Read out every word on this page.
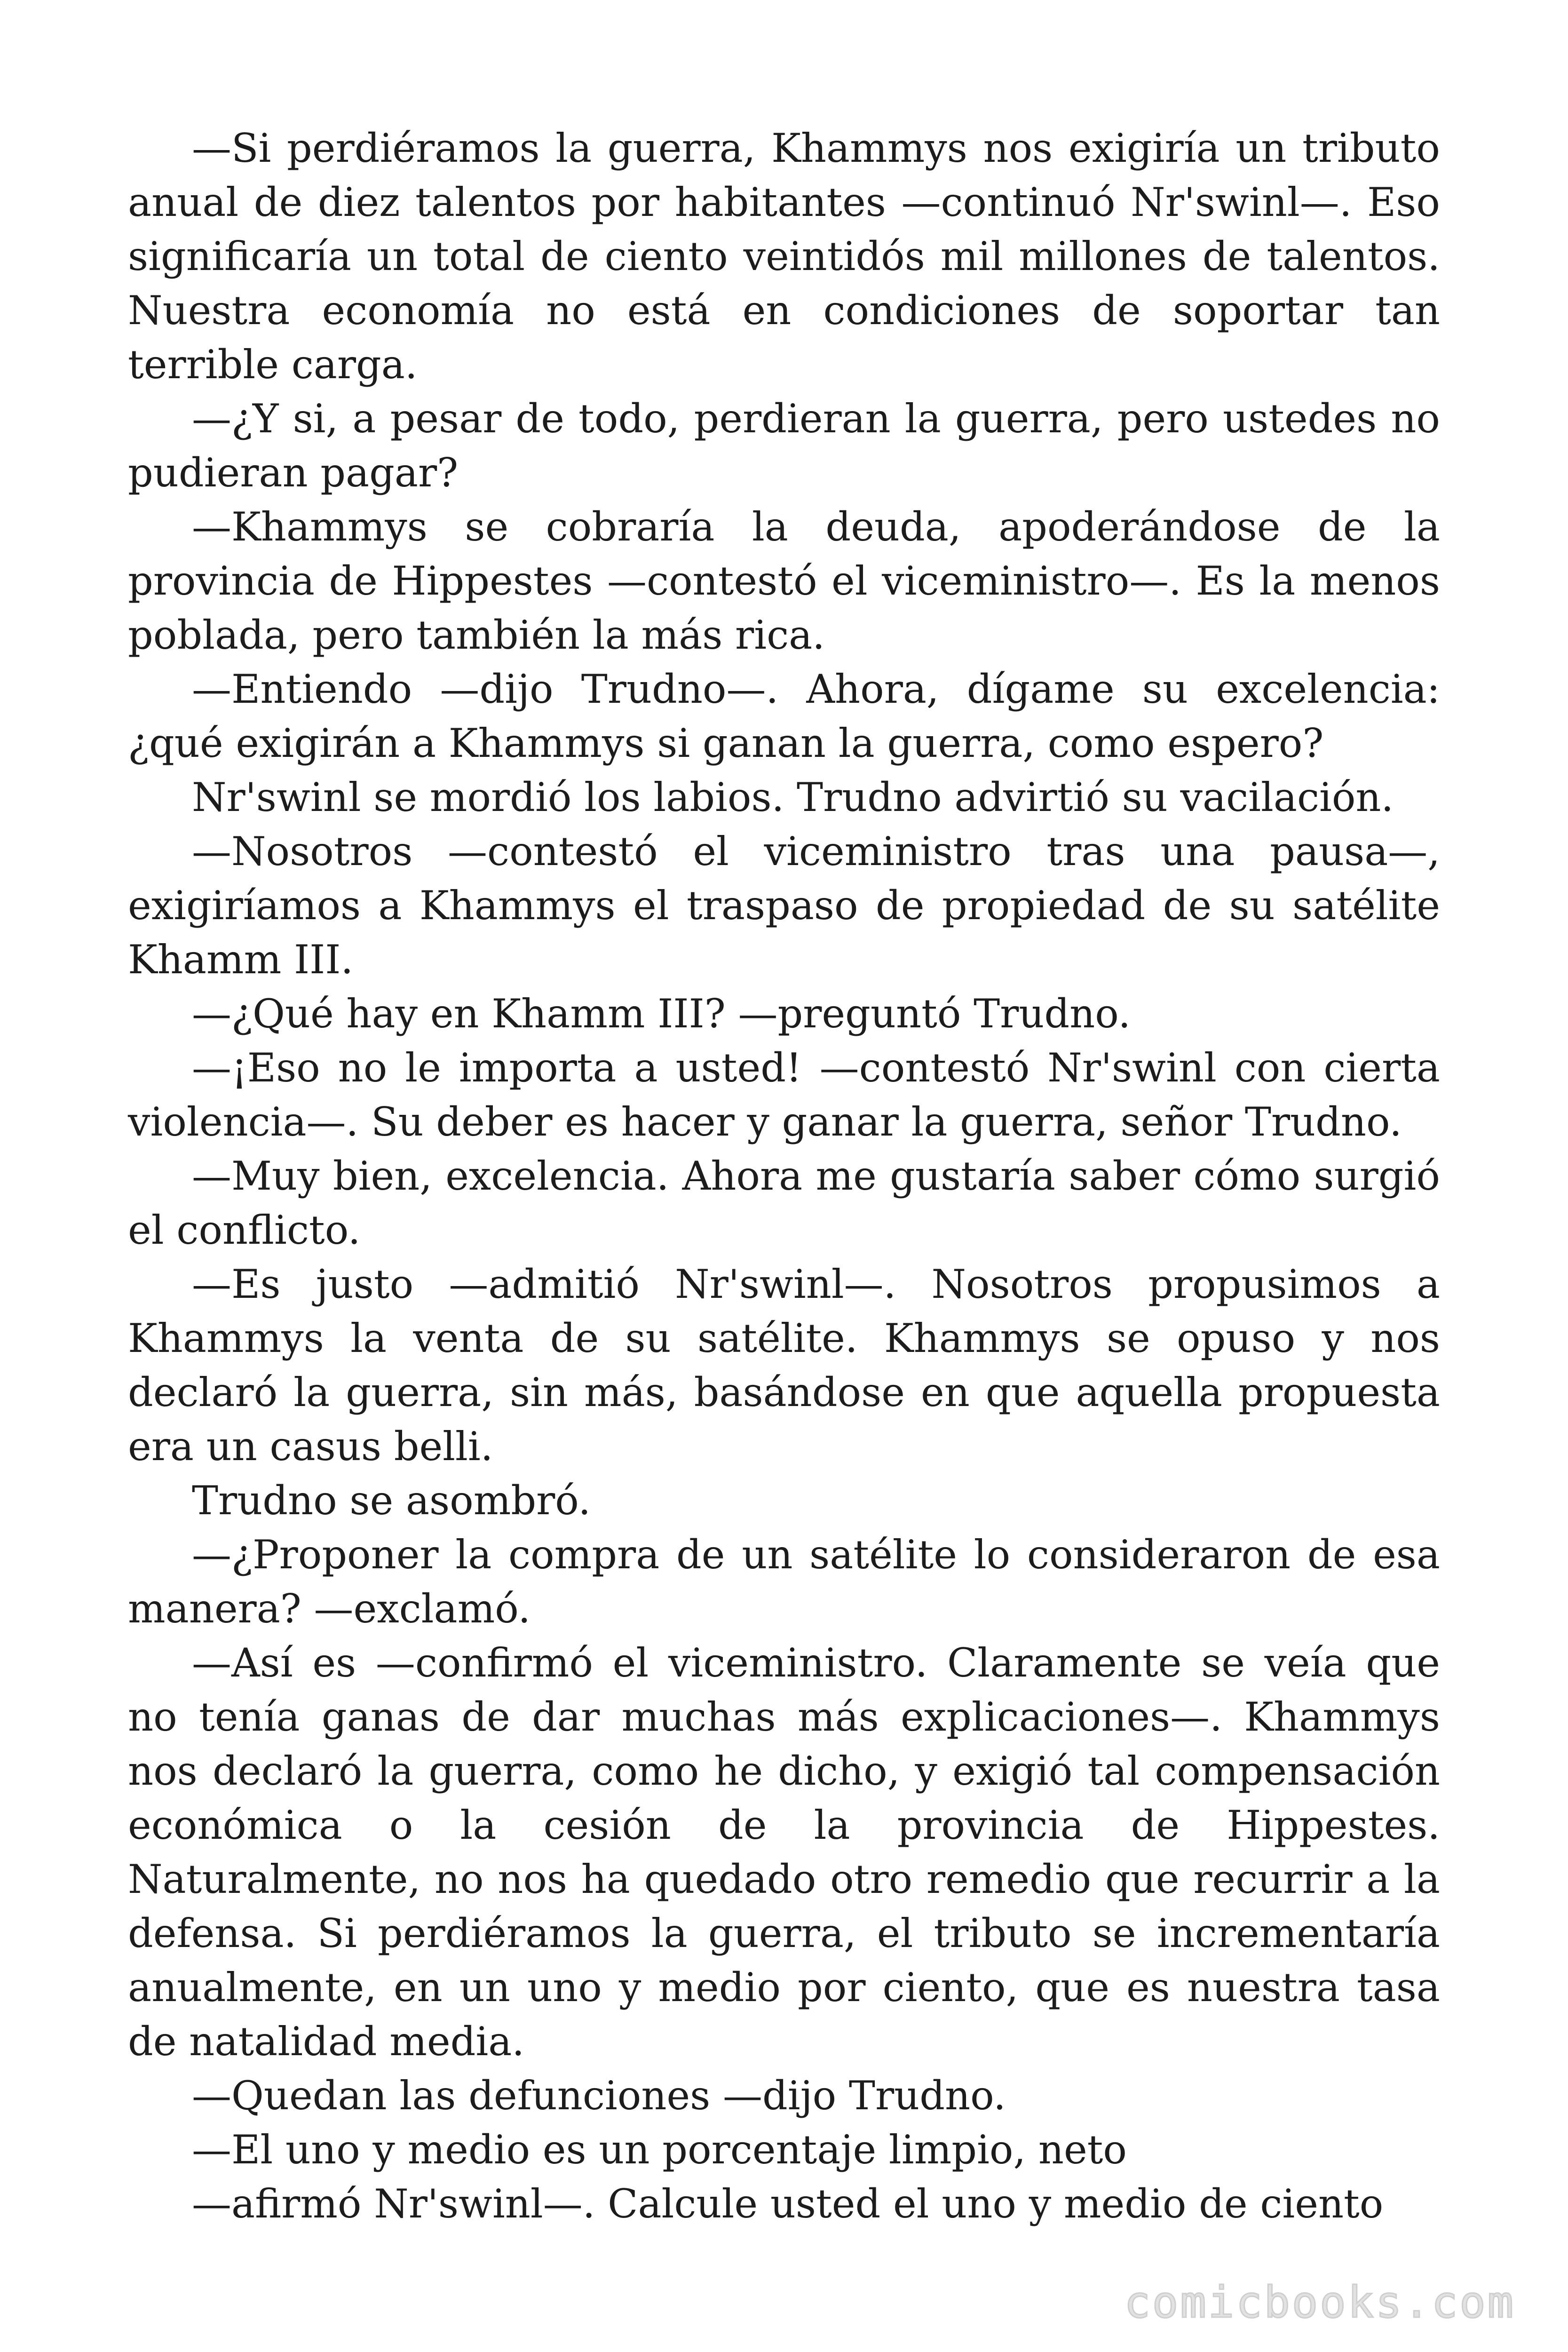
—Si perdiéramos la guerra, Khammys nos exigiría un tributo anual de diez talentos por habitantes —continuó Nr'swinl—. Eso significaría un total de ciento veintidós mil millones de talentos. Nuestra economía no está en condiciones de soportar tan terrible carga.

—¿Y si, a pesar de todo, perdieran la guerra, pero ustedes no pudieran pagar?

—Khammys se cobraría la deuda, apoderándose de la provincia de Hippestes —contestó el viceministro—. Es la menos poblada, pero también la más rica.

—Entiendo —dijo Trudno—. Ahora, dígame su excelencia: ¿qué exigirán a Khammys si ganan la guerra, como espero?

Nr'swinl se mordió los labios. Trudno advirtió su vacilación.

—Nosotros —contestó el viceministro tras una pausa—, exigiríamos a Khammys el traspaso de propiedad de su satélite Khamm III.

—¿Qué hay en Khamm III? —preguntó Trudno.

—¡Eso no le importa a usted! —contestó Nr'swinl con cierta violencia—. Su deber es hacer y ganar la guerra, señor Trudno.

—Muy bien, excelencia. Ahora me gustaría saber cómo surgió el conflicto.

—Es justo —admitió Nr'swinl—. Nosotros propusimos a Khammys la venta de su satélite. Khammys se opuso y nos declaró la guerra, sin más, basándose en que aquella propuesta era un casus belli.

Trudno se asombró.

—¿Proponer la compra de un satélite lo consideraron de esa manera? —exclamó.

—Así es —confirmó el viceministro. Claramente se veía que no tenía ganas de dar muchas más explicaciones—. Khammys nos declaró la guerra, como he dicho, y exigió tal compensación económica o la cesión de la provincia de Hippestes. Naturalmente, no nos ha quedado otro remedio que recurrir a la defensa. Si perdiéramos la guerra, el tributo se incrementaría anualmente, en un uno y medio por ciento, que es nuestra tasa de natalidad media.

—Quedan las defunciones —dijo Trudno.

—El uno y medio es un porcentaje limpio, neto

—afirmó Nr'swinl—. Calcule usted el uno y medio de ciento

comicbooks.com
